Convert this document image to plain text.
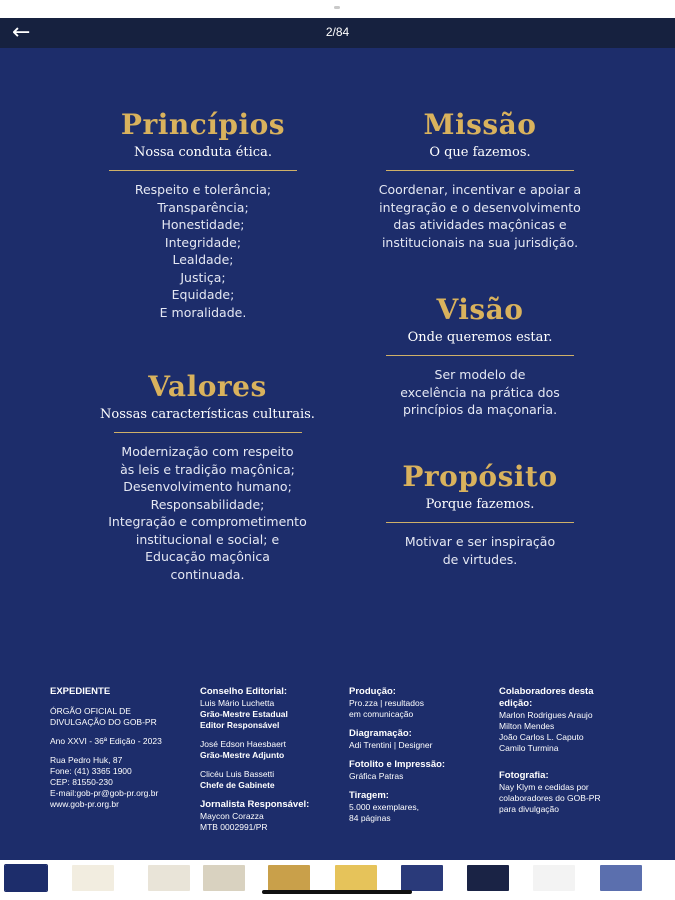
←	2/84
Princípios
Nossa conduta ética.
Respeito e tolerância;
Transparência;
Honestidade;
Integridade;
Lealdade;
Justiça;
Equidade;
E moralidade.
Missão
O que fazemos.
Coordenar, incentivar e apoiar a
integração e o desenvolvimento
das atividades maçônicas e
institucionais na sua jurisdição.
Visão
Onde queremos estar.
Ser modelo de
excelência na prática dos
princípios da maçonaria.
Valores
Nossas características culturais.
Modernização com respeito
às leis e tradição maçônica;
Desenvolvimento humano;
Responsabilidade;
Integração e comprometimento
institucional e social; e
Educação maçônica
continuada.
Propósito
Porque fazemos.
Motivar e ser inspiração
de virtudes.
EXPEDIENTE
ÓRGÃO OFICIAL DE
DIVULGAÇÃO DO GOB-PR
Ano XXVI - 36ª Edição - 2023
Rua Pedro Huk, 87
Fone: (41) 3365 1900
CEP: 81550-230
E-mail:gob-pr@gob-pr.org.br
www.gob-pr.org.br
Conselho Editorial:
Luis Mário Luchetta
Grão-Mestre Estadual
Editor Responsável
José Edson Haesbaert
Grão-Mestre Adjunto
Clicéu Luis Bassetti
Chefe de Gabinete
Jornalista Responsável:
Maycon Corazza
MTB 0002991/PR
Produção:
Pro.zza | resultados
em comunicação
Diagramação:
Adi Trentini | Designer
Fotolito e Impressão:
Gráfica Patras
Tiragem:
5.000 exemplares,
84 páginas
Colaboradores desta
edição:
Marlon Rodrigues Araujo
Milton Mendes
João Carlos L. Caputo
Camilo Turmina
Fotografia:
Nay Klym e cedidas por
colaboradores do GOB-PR
para divulgação
